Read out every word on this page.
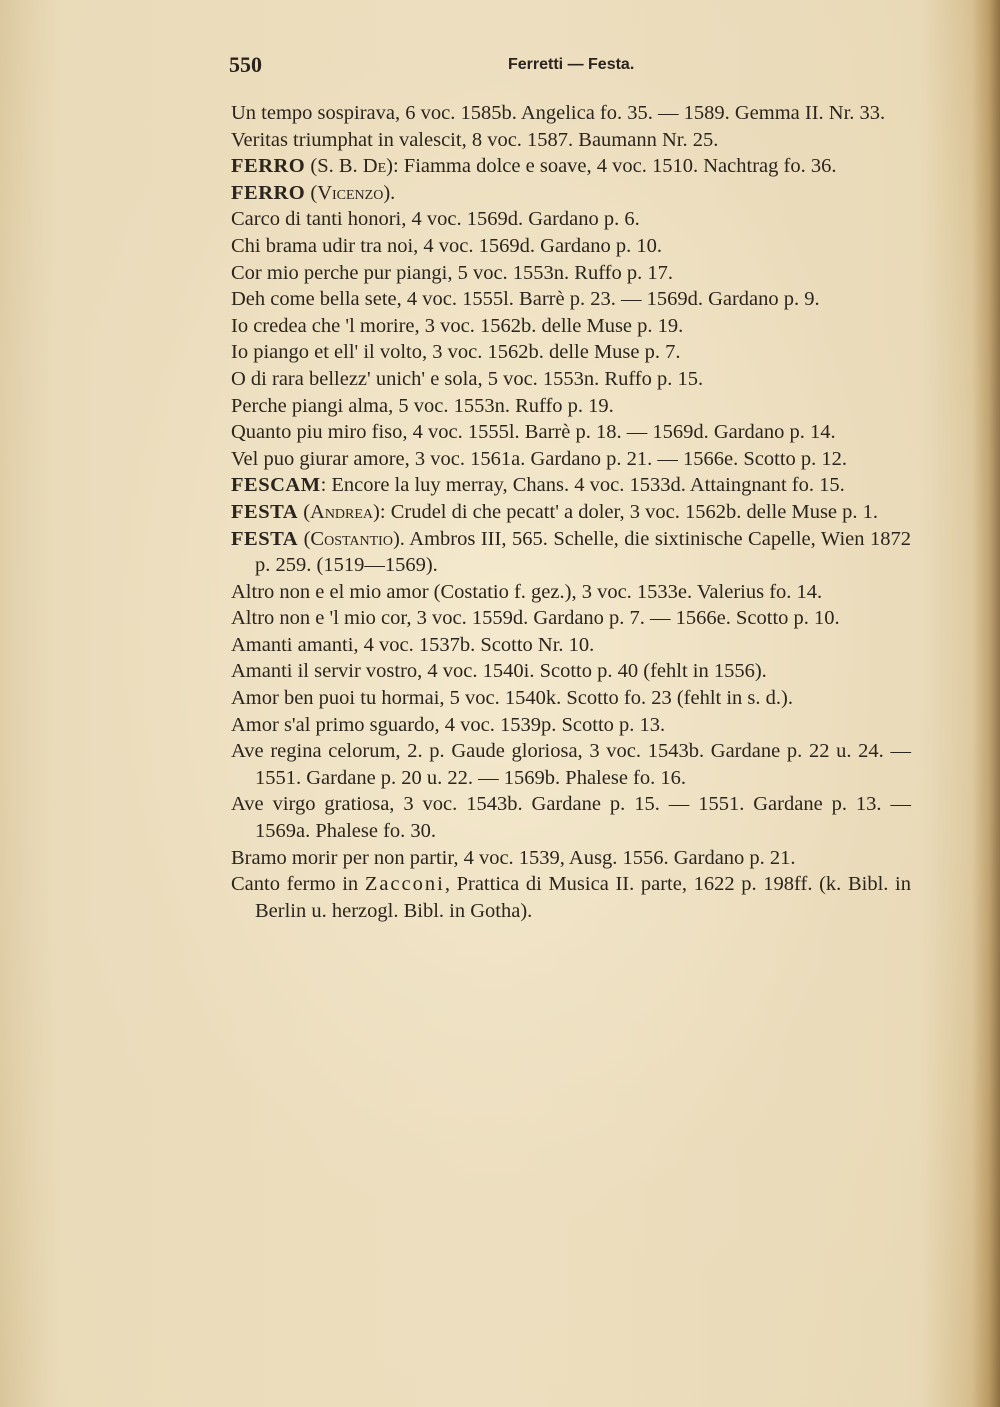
550	Ferretti — Festa.

Un tempo sospirava, 6 voc. 1585b. Angelica fo. 35. — 1589. Gemma II. Nr. 33.

Veritas triumphat in valescit, 8 voc. 1587. Baumann Nr. 25.

FERRO (S. B. De): Fiamma dolce e soave, 4 voc. 1510. Nachtrag fo. 36.

FERRO (Vicenzo).

Carco di tanti honori, 4 voc. 1569d. Gardano p. 6.

Chi brama udir tra noi, 4 voc. 1569d. Gardano p. 10.

Cor mio perche pur piangi, 5 voc. 1553n. Ruffo p. 17.

Deh come bella sete, 4 voc. 1555l. Barrè p. 23. — 1569d. Gardano p. 9.

Io credea che 'l morire, 3 voc. 1562b. delle Muse p. 19.

Io piango et ell' il volto, 3 voc. 1562b. delle Muse p. 7.

O di rara bellezz' unich' e sola, 5 voc. 1553n. Ruffo p. 15.

Perche piangi alma, 5 voc. 1553n. Ruffo p. 19.

Quanto piu miro fiso, 4 voc. 1555l. Barrè p. 18. — 1569d. Gardano p. 14.

Vel puo giurar amore, 3 voc. 1561a. Gardano p. 21. — 1566e. Scotto p. 12.

FESCAM: Encore la luy merray, Chans. 4 voc. 1533d. Attaingnant fo. 15.

FESTA (Andrea): Crudel di che pecatt' a doler, 3 voc. 1562b. delle Muse p. 1.

FESTA (Costantio). Ambros III, 565. Schelle, die sixtinische Capelle, Wien 1872 p. 259. (1519—1569).

Altro non e el mio amor (Costatio f. gez.), 3 voc. 1533e. Valerius fo. 14.

Altro non e 'l mio cor, 3 voc. 1559d. Gardano p. 7. — 1566e. Scotto p. 10.

Amanti amanti, 4 voc. 1537b. Scotto Nr. 10.

Amanti il servir vostro, 4 voc. 1540i. Scotto p. 40 (fehlt in 1556).

Amor ben puoi tu hormai, 5 voc. 1540k. Scotto fo. 23 (fehlt in s. d.).

Amor s'al primo sguardo, 4 voc. 1539p. Scotto p. 13.

Ave regina celorum, 2. p. Gaude gloriosa, 3 voc. 1543b. Gardane p. 22 u. 24. — 1551. Gardane p. 20 u. 22. — 1569b. Phalese fo. 16.

Ave virgo gratiosa, 3 voc. 1543b. Gardane p. 15. — 1551. Gardane p. 13. — 1569a. Phalese fo. 30.

Bramo morir per non partir, 4 voc. 1539, Ausg. 1556. Gardano p. 21.

Canto fermo in Zacconi, Prattica di Musica II. parte, 1622 p. 198ff. (k. Bibl. in Berlin u. herzogl. Bibl. in Gotha).
